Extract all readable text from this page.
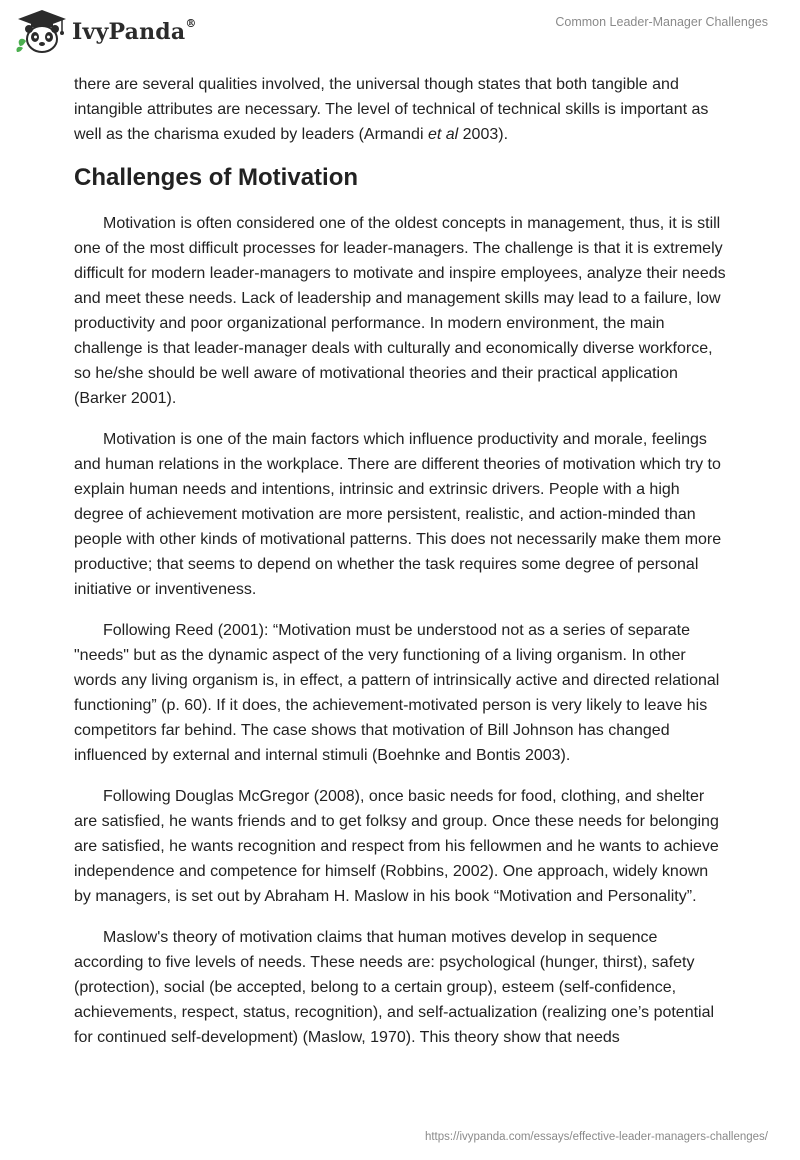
IvyPanda®	Common Leader-Manager Challenges

there are several qualities involved, the universal though states that both tangible and intangible attributes are necessary. The level of technical of technical skills is important as well as the charisma exuded by leaders (Armandi et al 2003).

Challenges of Motivation

Motivation is often considered one of the oldest concepts in management, thus, it is still one of the most difficult processes for leader-managers. The challenge is that it is extremely difficult for modern leader-managers to motivate and inspire employees, analyze their needs and meet these needs. Lack of leadership and management skills may lead to a failure, low productivity and poor organizational performance. In modern environment, the main challenge is that leader-manager deals with culturally and economically diverse workforce, so he/she should be well aware of motivational theories and their practical application (Barker 2001).

Motivation is one of the main factors which influence productivity and morale, feelings and human relations in the workplace. There are different theories of motivation which try to explain human needs and intentions, intrinsic and extrinsic drivers. People with a high degree of achievement motivation are more persistent, realistic, and action-minded than people with other kinds of motivational patterns. This does not necessarily make them more productive; that seems to depend on whether the task requires some degree of personal initiative or inventiveness.

Following Reed (2001): “Motivation must be understood not as a series of separate "needs" but as the dynamic aspect of the very functioning of a living organism. In other words any living organism is, in effect, a pattern of intrinsically active and directed relational functioning” (p. 60). If it does, the achievement-motivated person is very likely to leave his competitors far behind. The case shows that motivation of Bill Johnson has changed influenced by external and internal stimuli (Boehnke and Bontis 2003).

Following Douglas McGregor (2008), once basic needs for food, clothing, and shelter are satisfied, he wants friends and to get folksy and group. Once these needs for belonging are satisfied, he wants recognition and respect from his fellowmen and he wants to achieve independence and competence for himself (Robbins, 2002). One approach, widely known by managers, is set out by Abraham H. Maslow in his book “Motivation and Personality”.

Maslow's theory of motivation claims that human motives develop in sequence according to five levels of needs. These needs are: psychological (hunger, thirst), safety (protection), social (be accepted, belong to a certain group), esteem (self-confidence, achievements, respect, status, recognition), and self-actualization (realizing one’s potential for continued self-development) (Maslow, 1970). This theory show that needs

https://ivypanda.com/essays/effective-leader-managers-challenges/
